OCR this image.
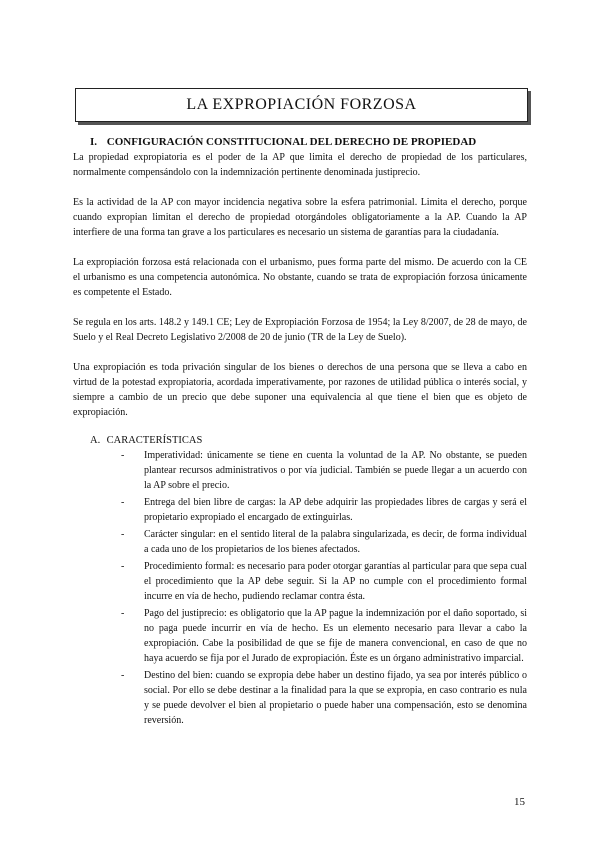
LA EXPROPIACIÓN FORZOSA
I. CONFIGURACIÓN CONSTITUCIONAL DEL DERECHO DE PROPIEDAD

La propiedad expropiatoria es el poder de la AP que limita el derecho de propiedad de los particulares, normalmente compensándolo con la indemnización pertinente denominada justiprecio.

Es la actividad de la AP con mayor incidencia negativa sobre la esfera patrimonial. Limita el derecho, porque cuando expropian limitan el derecho de propiedad otorgándoles obligatoriamente a la AP. Cuando la AP interfiere de una forma tan grave a los particulares es necesario un sistema de garantías para la ciudadanía.

La expropiación forzosa está relacionada con el urbanismo, pues forma parte del mismo. De acuerdo con la CE el urbanismo es una competencia autonómica. No obstante, cuando se trata de expropiación forzosa únicamente es competente el Estado.

Se regula en los arts. 148.2 y 149.1 CE; Ley de Expropiación Forzosa de 1954; la Ley 8/2007, de 28 de mayo, de Suelo y el Real Decreto Legislativo 2/2008 de 20 de junio (TR de la Ley de Suelo).

Una expropiación es toda privación singular de los bienes o derechos de una persona que se lleva a cabo en virtud de la potestad expropiatoria, acordada imperativamente, por razones de utilidad pública o interés social, y siempre a cambio de un precio que debe suponer una equivalencia al que tiene el bien que es objeto de expropiación.

A. CARACTERÍSTICAS
- Imperatividad: únicamente se tiene en cuenta la voluntad de la AP. No obstante, se pueden plantear recursos administrativos o por vía judicial. También se puede llegar a un acuerdo con la AP sobre el precio.
- Entrega del bien libre de cargas: la AP debe adquirir las propiedades libres de cargas y será el propietario expropiado el encargado de extinguirlas.
- Carácter singular: en el sentido literal de la palabra singularizada, es decir, de forma individual a cada uno de los propietarios de los bienes afectados.
- Procedimiento formal: es necesario para poder otorgar garantías al particular para que sepa cual el procedimiento que la AP debe seguir. Si la AP no cumple con el procedimiento formal incurre en vía de hecho, pudiendo reclamar contra ésta.
- Pago del justiprecio: es obligatorio que la AP pague la indemnización por el daño soportado, si no paga puede incurrir en vía de hecho. Es un elemento necesario para llevar a cabo la expropiación. Cabe la posibilidad de que se fije de manera convencional, en caso de que no haya acuerdo se fija por el Jurado de expropiación. Éste es un órgano administrativo imparcial.
- Destino del bien: cuando se expropia debe haber un destino fijado, ya sea por interés público o social. Por ello se debe destinar a la finalidad para la que se expropia, en caso contrario es nula y se puede devolver el bien al propietario o puede haber una compensación, esto se denomina reversión.
15
